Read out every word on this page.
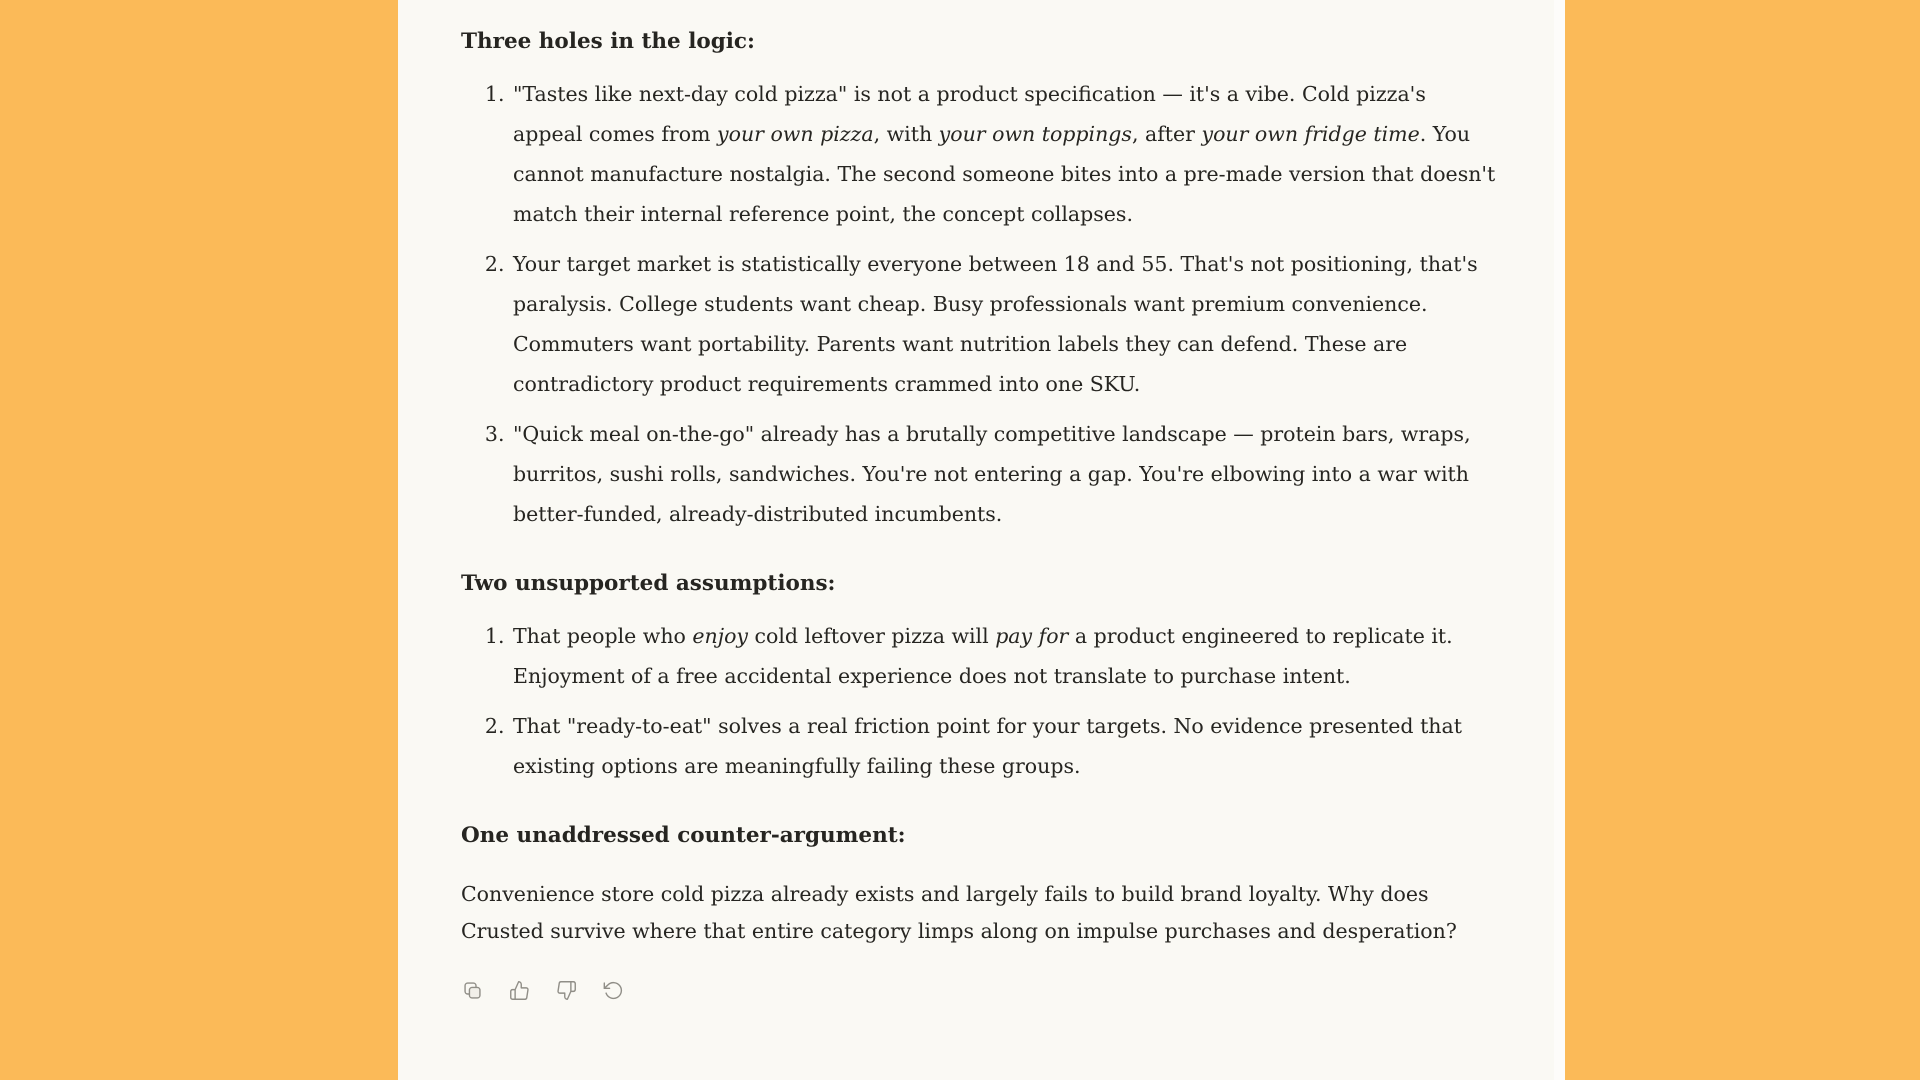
Three holes in the logic:
1. "Tastes like next-day cold pizza" is not a product specification — it's a vibe. Cold pizza's appeal comes from your own pizza, with your own toppings, after your own fridge time. You cannot manufacture nostalgia. The second someone bites into a pre-made version that doesn't match their internal reference point, the concept collapses.
2. Your target market is statistically everyone between 18 and 55. That's not positioning, that's paralysis. College students want cheap. Busy professionals want premium convenience. Commuters want portability. Parents want nutrition labels they can defend. These are contradictory product requirements crammed into one SKU.
3. "Quick meal on-the-go" already has a brutally competitive landscape — protein bars, wraps, burritos, sushi rolls, sandwiches. You're not entering a gap. You're elbowing into a war with better-funded, already-distributed incumbents.
Two unsupported assumptions:
1. That people who enjoy cold leftover pizza will pay for a product engineered to replicate it. Enjoyment of a free accidental experience does not translate to purchase intent.
2. That "ready-to-eat" solves a real friction point for your targets. No evidence presented that existing options are meaningfully failing these groups.
One unaddressed counter-argument:
Convenience store cold pizza already exists and largely fails to build brand loyalty. Why does Crusted survive where that entire category limps along on impulse purchases and desperation?
